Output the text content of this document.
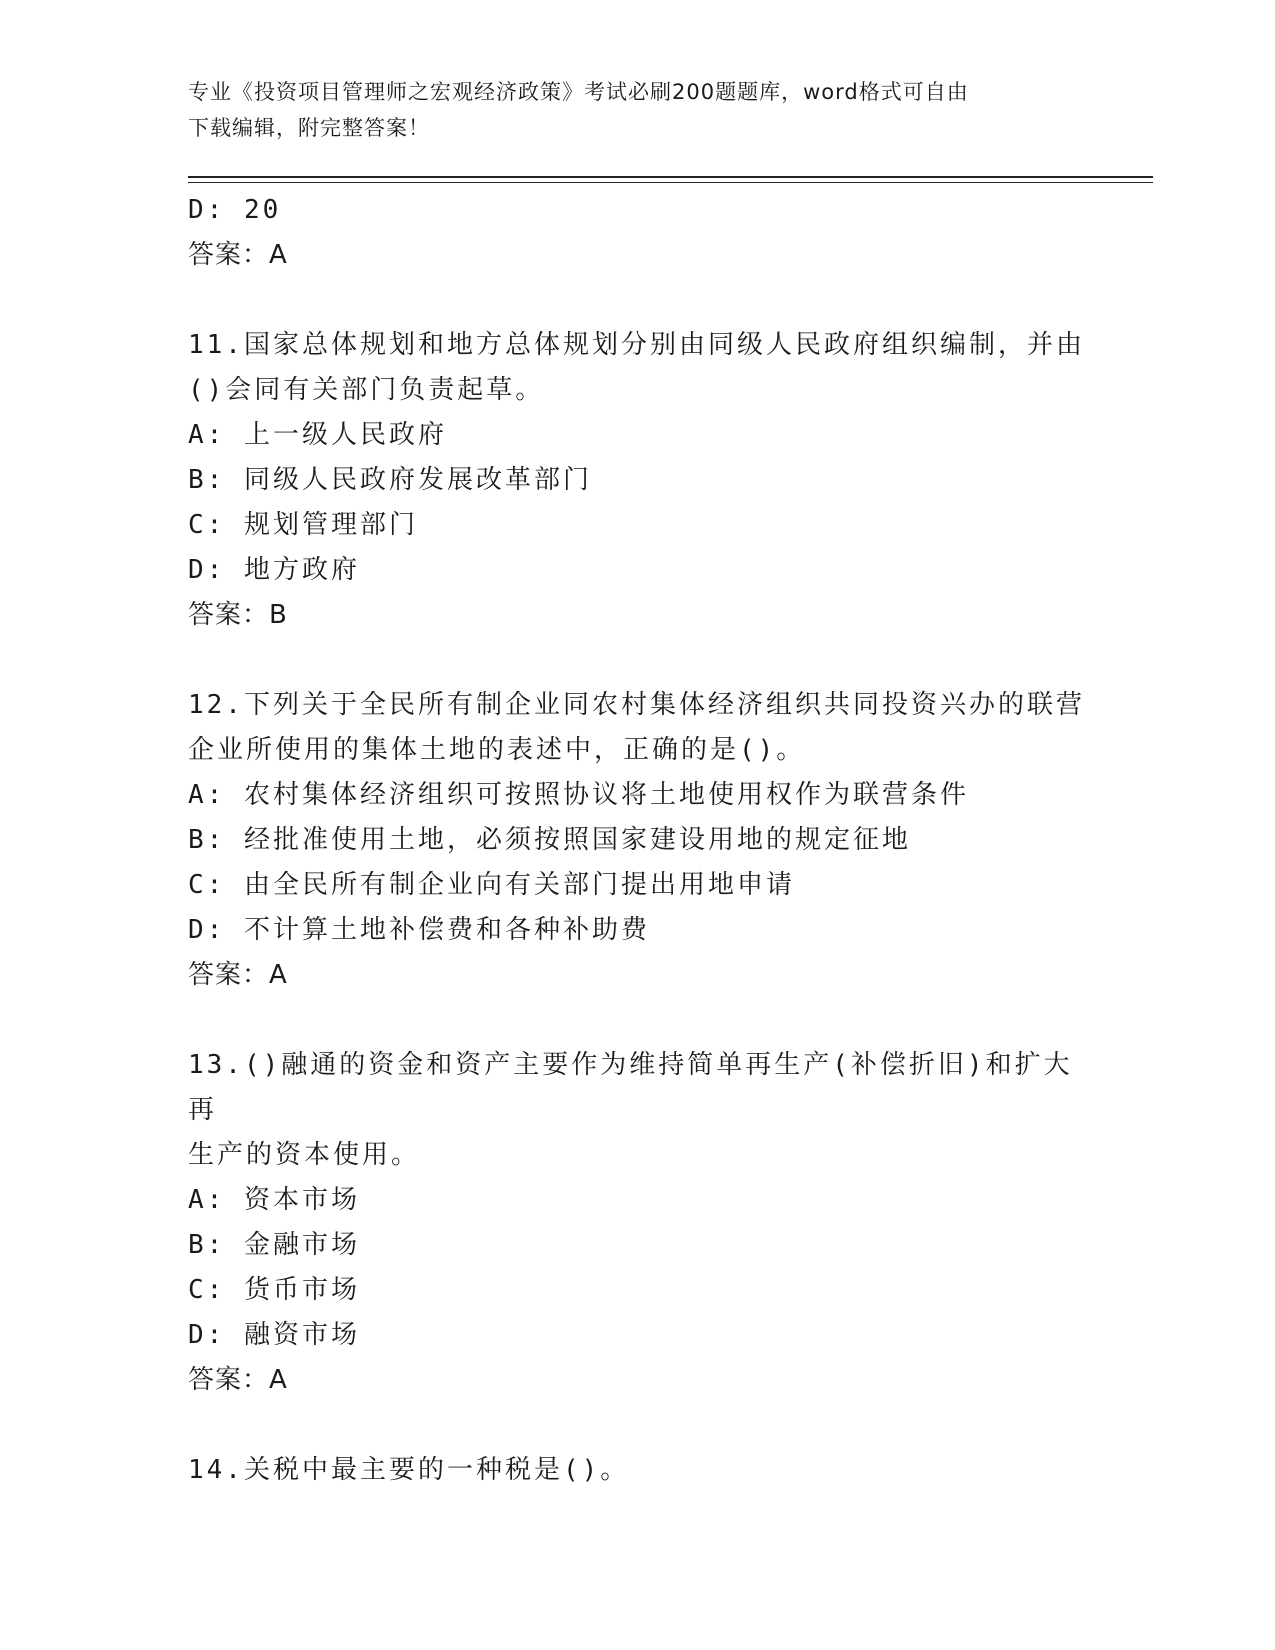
专业《投资项目管理师之宏观经济政策》考试必刷200题题库，word格式可自由
下载编辑，附完整答案！

D: 20

答案：A

11.国家总体规划和地方总体规划分别由同级人民政府组织编制，并由

()会同有关部门负责起草。

A: 上一级人民政府

B: 同级人民政府发展改革部门

C: 规划管理部门

D: 地方政府

答案：B

12.下列关于全民所有制企业同农村集体经济组织共同投资兴办的联营

企业所使用的集体土地的表述中，正确的是()。

A: 农村集体经济组织可按照协议将土地使用权作为联营条件

B: 经批准使用土地，必须按照国家建设用地的规定征地

C: 由全民所有制企业向有关部门提出用地申请

D: 不计算土地补偿费和各种补助费

答案：A

13.()融通的资金和资产主要作为维持简单再生产(补偿折旧)和扩大再

生产的资本使用。

A: 资本市场

B: 金融市场

C: 货币市场

D: 融资市场

答案：A

14.关税中最主要的一种税是()。
